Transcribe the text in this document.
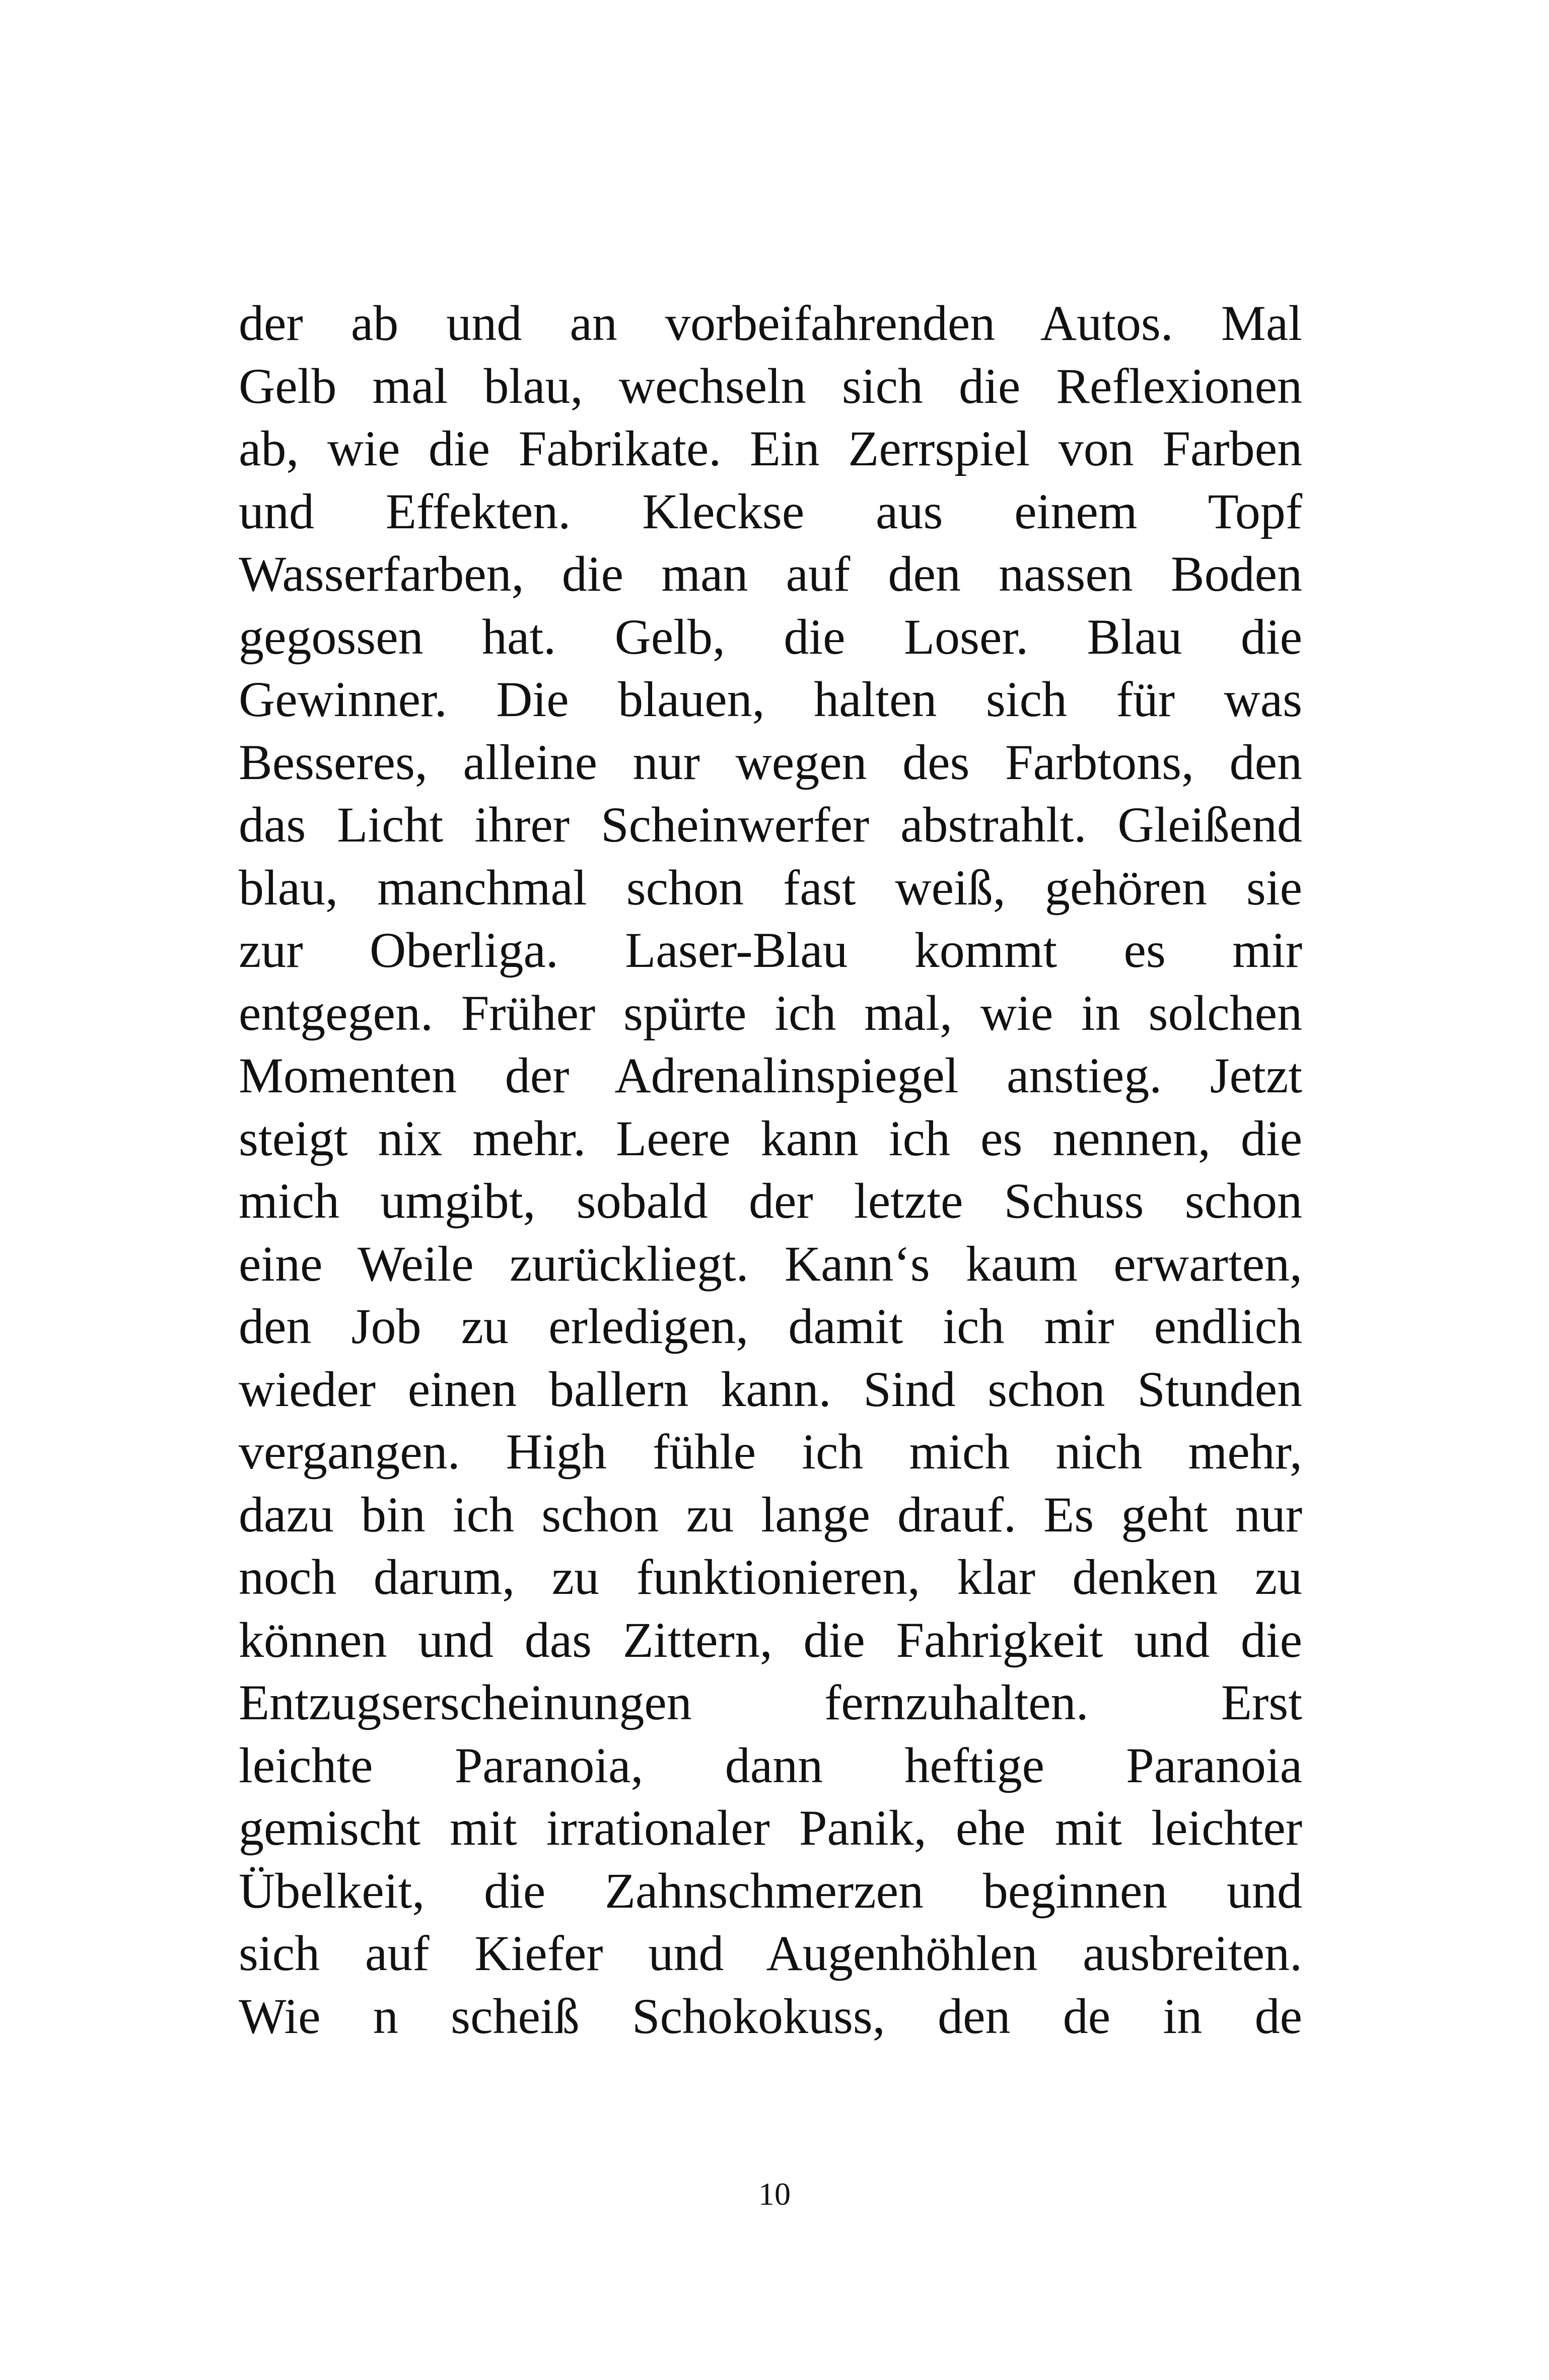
der ab und an vorbeifahrenden Autos. Mal
Gelb mal blau, wechseln sich die Reflexionen
ab, wie die Fabrikate. Ein Zerrspiel von Farben
und Effekten. Kleckse aus einem Topf
Wasserfarben, die man auf den nassen Boden
gegossen hat. Gelb, die Loser. Blau die
Gewinner. Die blauen, halten sich für was
Besseres, alleine nur wegen des Farbtons, den
das Licht ihrer Scheinwerfer abstrahlt. Gleißend
blau, manchmal schon fast weiß, gehören sie
zur Oberliga. Laser-Blau kommt es mir
entgegen. Früher spürte ich mal, wie in solchen
Momenten der Adrenalinspiegel anstieg. Jetzt
steigt nix mehr. Leere kann ich es nennen, die
mich umgibt, sobald der letzte Schuss schon
eine Weile zurückliegt. Kann‘s kaum erwarten,
den Job zu erledigen, damit ich mir endlich
wieder einen ballern kann. Sind schon Stunden
vergangen. High fühle ich mich nich mehr,
dazu bin ich schon zu lange drauf. Es geht nur
noch darum, zu funktionieren, klar denken zu
können und das Zittern, die Fahrigkeit und die
Entzugserscheinungen fernzuhalten. Erst
leichte Paranoia, dann heftige Paranoia
gemischt mit irrationaler Panik, ehe mit leichter
Übelkeit, die Zahnschmerzen beginnen und
sich auf Kiefer und Augenhöhlen ausbreiten.
Wie n scheiß Schokokuss, den de in de
10
